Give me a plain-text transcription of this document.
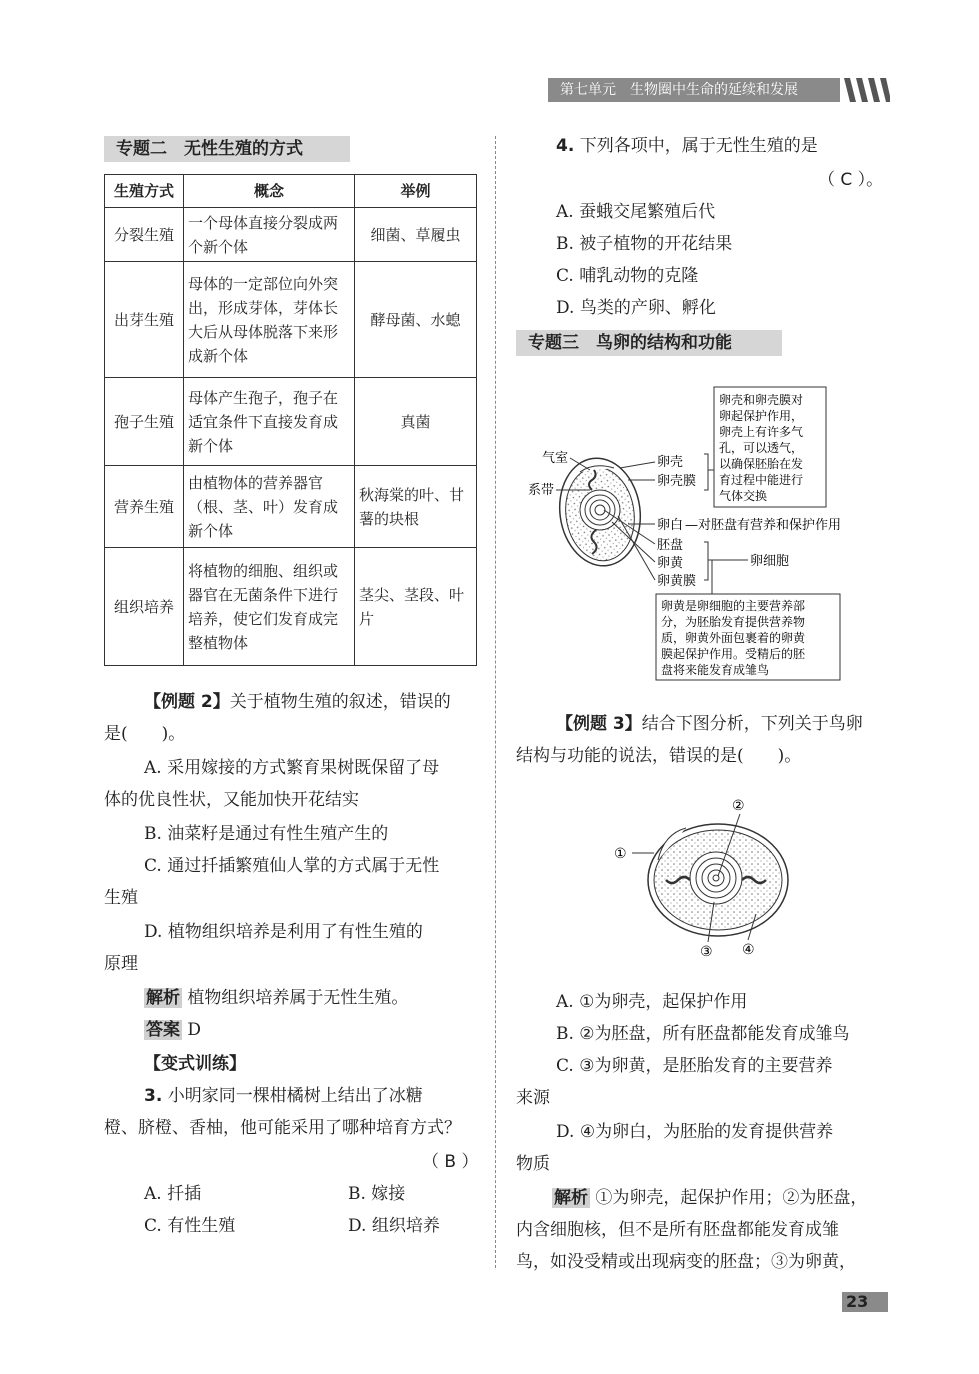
第七单元　生物圈中生命的延续和发展
专题二　无性生殖的方式
生殖方式	概念	举例
分裂生殖	一个母体直接分裂成两个新个体	细菌、草履虫
出芽生殖	母体的一定部位向外突出，形成芽体，芽体长大后从母体脱落下来形成新个体	酵母菌、水螅
孢子生殖	母体产生孢子，孢子在适宜条件下直接发育成新个体	真菌
营养生殖	由植物体的营养器官（根、茎、叶）发育成新个体	秋海棠的叶、甘薯的块根
组织培养	将植物的细胞、组织或器官在无菌条件下进行培养，使它们发育成完整植物体	茎尖、茎段、叶片
【例题 2】关于植物生殖的叙述，错误的
是(　　)。
A. 采用嫁接的方式繁育果树既保留了母
体的优良性状，又能加快开花结实
B. 油菜籽是通过有性生殖产生的
C. 通过扦插繁殖仙人掌的方式属于无性
生殖
D. 植物组织培养是利用了有性生殖的
原理
解析 植物组织培养属于无性生殖。
答案 D
【变式训练】
3. 小明家同一棵柑橘树上结出了冰糖
橙、脐橙、香柚，他可能采用了哪种培育方式？
（ B ）
A. 扦插	B. 嫁接
C. 有性生殖	D. 组织培养
4. 下列各项中，属于无性生殖的是
（ C ）。
A. 蚕蛾交尾繁殖后代
B. 被子植物的开花结果
C. 哺乳动物的克隆
D. 鸟类的产卵、孵化
专题三　鸟卵的结构和功能
气室
系带
卵壳
卵壳膜
卵壳和卵壳膜对
卵起保护作用，
卵壳上有许多气
孔，可以透气，
以确保胚胎在发
育过程中能进行
气体交换
卵白 —对胚盘有营养和保护作用
胚盘
卵黄
卵黄膜
卵细胞
卵黄是卵细胞的主要营养部
分，为胚胎发育提供营养物
质，卵黄外面包裹着的卵黄
膜起保护作用。受精后的胚
盘将来能发育成雏鸟
【例题 3】结合下图分析，下列关于鸟卵
结构与功能的说法，错误的是(　　)。
①
②
③ ④
A. ①为卵壳，起保护作用
B. ②为胚盘，所有胚盘都能发育成雏鸟
C. ③为卵黄，是胚胎发育的主要营养
来源
D. ④为卵白，为胚胎的发育提供营养
物质
解析 ①为卵壳，起保护作用；②为胚盘，
内含细胞核，但不是所有胚盘都能发育成雏
鸟，如没受精或出现病变的胚盘；③为卵黄，
23
